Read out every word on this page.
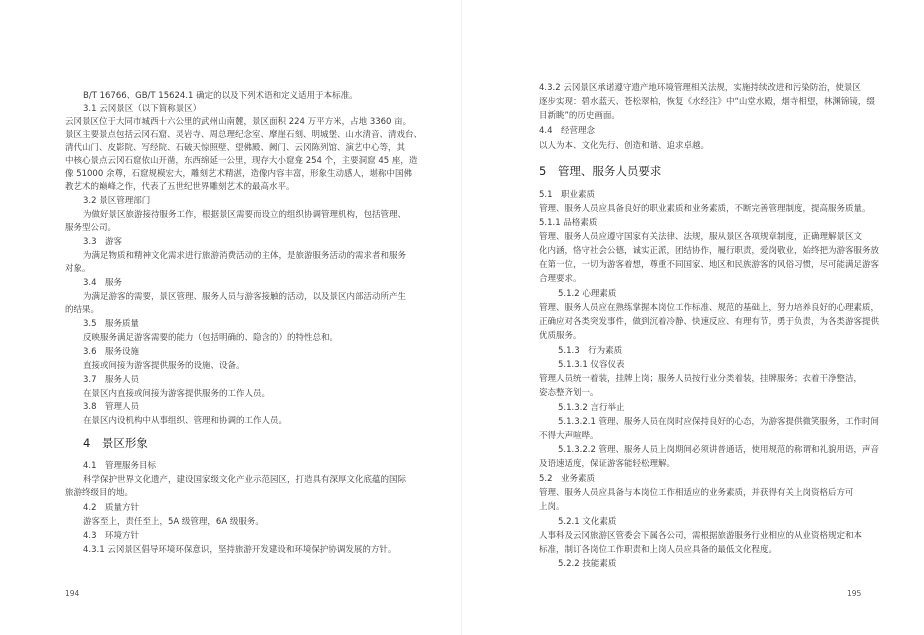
B/T 16766、GB/T 15624.1 确定的以及下列术语和定义适用于本标准。
3.1 云冈景区（以下简称景区）
云冈景区位于大同市城西十六公里的武州山南麓，景区面积 224 万平方米，占地 3360 亩。
景区主要景点包括云冈石窟、灵岩寺、周总理纪念室、摩崖石刻、明城堡、山水清音、清戏台、
清代山门、皮影院、写经院、石破天惊照壁、望佛殿、阙门、云冈陈列馆、演艺中心等，其
中核心景点云冈石窟依山开凿，东西绵延一公里，现存大小窟龛 254 个，主要洞窟 45 座，造
像 51000 余尊，石窟规模宏大，雕刻艺术精湛，造像内容丰富，形象生动感人，堪称中国佛
教艺术的巅峰之作，代表了五世纪世界雕刻艺术的最高水平。
3.2 景区管理部门
为做好景区旅游接待服务工作，根据景区需要而设立的组织协调管理机构，包括管理、
服务型公司。
3.3　游客
为满足物质和精神文化需求进行旅游消费活动的主体，是旅游服务活动的需求者和服务
对象。
3.4　服务
为满足游客的需要，景区管理、服务人员与游客接触的活动，以及景区内部活动所产生
的结果。
3.5　服务质量
反映服务满足游客需要的能力（包括明确的、隐含的）的特性总和。
3.6　服务设施
直接或间接为游客提供服务的设施、设备。
3.7　服务人员
在景区内直接或间接为游客提供服务的工作人员。
3.8　管理人员
在景区内设机构中从事组织、管理和协调的工作人员。
4　景区形象
4.1　管理服务目标
科学保护世界文化遗产，建设国家级文化产业示范园区，打造具有深厚文化底蕴的国际
旅游终级目的地。
4.2　质量方针
游客至上，责任至上，5A 级管理，6A 级服务。
4.3　环境方针
4.3.1 云冈景区倡导环境环保意识，坚持旅游开发建设和环境保护协调发展的方针。
194
4.3.2 云冈景区承诺遵守遗产地环境管理相关法规，实施持续改进和污染防治，使景区
逐步实现：碧水蓝天、苍松翠柏，恢复《水经注》中“山堂水殿，烟寺相望，林渊锦镜，缀
目新眺”的历史画面。
4.4　经营理念
以人为本、文化先行、创造和谐、追求卓越。
5　管理、服务人员要求
5.1　职业素质
管理、服务人员应具备良好的职业素质和业务素质，不断完善管理制度，提高服务质量。
5.1.1 品格素质
管理、服务人员应遵守国家有关法律、法规，服从景区各项规章制度，正确理解景区文
化内涵，恪守社会公德，诚实正派，团结协作，履行职责，爱岗敬业，始终把为游客服务放
在第一位，一切为游客着想，尊重不同国家、地区和民族游客的风俗习惯，尽可能满足游客
合理要求。
5.1.2 心理素质
管理、服务人员应在熟练掌握本岗位工作标准、规范的基础上，努力培养良好的心理素质，
正确应对各类突发事件，做到沉着冷静、快速反应、有理有节，勇于负责，为各类游客提供
优质服务。
5.1.3　行为素质
5.1.3.1 仪容仪表
管理人员统一着装，挂牌上岗；服务人员按行业分类着装，挂牌服务；衣着干净整洁，
姿态整齐划一。
5.1.3.2 言行举止
5.1.3.2.1 管理、服务人员在岗时应保持良好的心态，为游客提供微笑服务，工作时间
不得大声喧哗。
5.1.3.2.2 管理、服务人员上岗期间必须讲普通话，使用规范的称谓和礼貌用语，声音
及语速适度，保证游客能轻松理解。
5.2　业务素质
管理、服务人员应具备与本岗位工作相适应的业务素质，并获得有关上岗资格后方可
上岗。
5.2.1 文化素质
人事科及云冈旅游区管委会下属各公司，需根据旅游服务行业相应的从业资格规定和本
标准，制订各岗位工作职责和上岗人员应具备的最低文化程度。
5.2.2 技能素质
195
